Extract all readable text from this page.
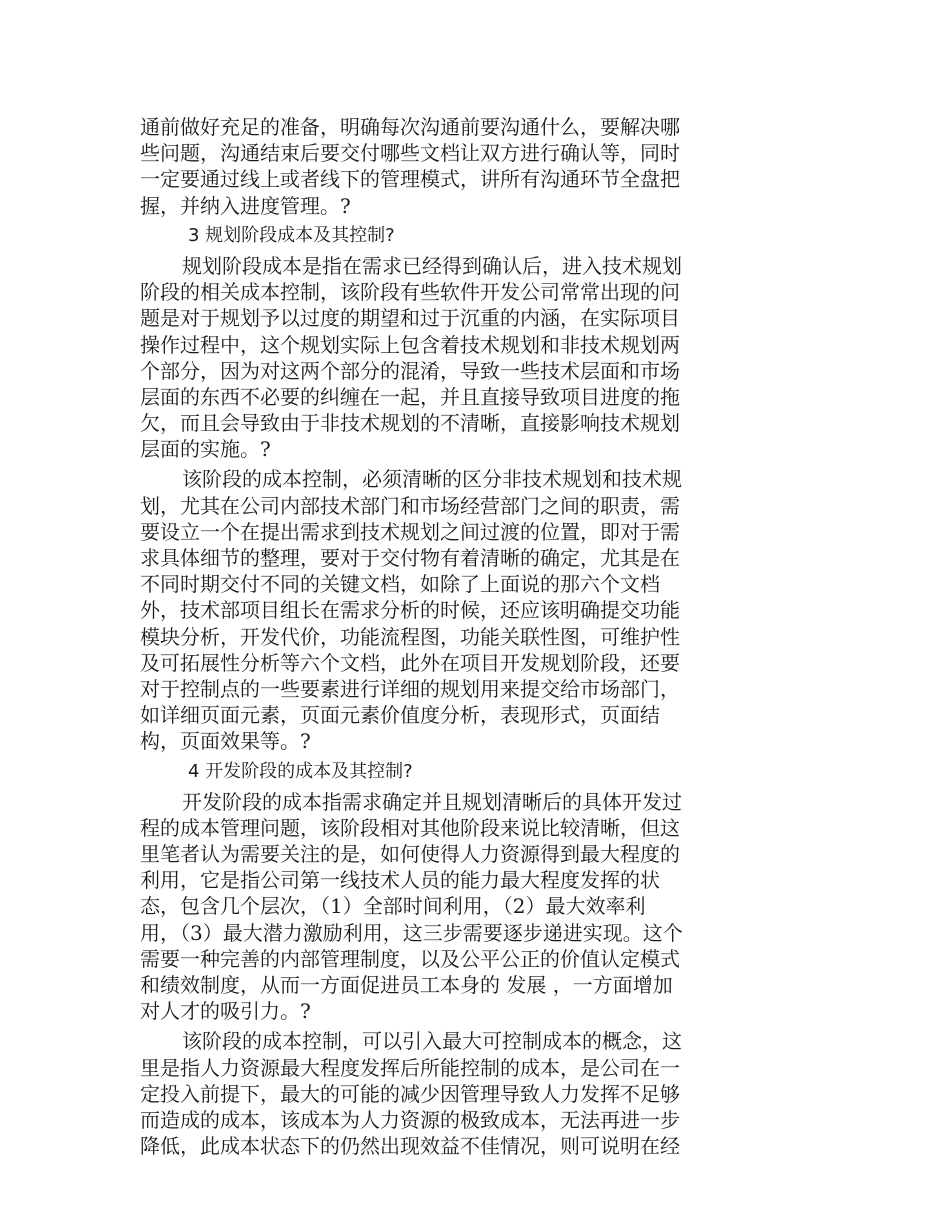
通前做好充足的准备，明确每次沟通前要沟通什么，要解决哪
些问题，沟通结束后要交付哪些文档让双方进行确认等，同时
一定要通过线上或者线下的管理模式，讲所有沟通环节全盘把
握，并纳入进度管理。?
3 规划阶段成本及其控制?
规划阶段成本是指在需求已经得到确认后，进入技术规划
阶段的相关成本控制，该阶段有些软件开发公司常常出现的问
题是对于规划予以过度的期望和过于沉重的内涵，在实际项目
操作过程中，这个规划实际上包含着技术规划和非技术规划两
个部分，因为对这两个部分的混淆，导致一些技术层面和市场
层面的东西不必要的纠缠在一起，并且直接导致项目进度的拖
欠，而且会导致由于非技术规划的不清晰，直接影响技术规划
层面的实施。?
该阶段的成本控制，必须清晰的区分非技术规划和技术规
划，尤其在公司内部技术部门和市场经营部门之间的职责，需
要设立一个在提出需求到技术规划之间过渡的位置，即对于需
求具体细节的整理，要对于交付物有着清晰的确定，尤其是在
不同时期交付不同的关键文档，如除了上面说的那六个文档
外，技术部项目组长在需求分析的时候，还应该明确提交功能
模块分析，开发代价，功能流程图，功能关联性图，可维护性
及可拓展性分析等六个文档，此外在项目开发规划阶段，还要
对于控制点的一些要素进行详细的规划用来提交给市场部门，
如详细页面元素，页面元素价值度分析，表现形式，页面结
构，页面效果等。?
4 开发阶段的成本及其控制?
开发阶段的成本指需求确定并且规划清晰后的具体开发过
程的成本管理问题，该阶段相对其他阶段来说比较清晰，但这
里笔者认为需要关注的是，如何使得人力资源得到最大程度的
利用，它是指公司第一线技术人员的能力最大程度发挥的状
态，包含几个层次，（1）全部时间利用，（2）最大效率利
用，（3）最大潜力激励利用，这三步需要逐步递进实现。这个
需要一种完善的内部管理制度，以及公平公正的价值认定模式
和绩效制度，从而一方面促进员工本身的 发展 ，一方面增加
对人才的吸引力。?
该阶段的成本控制，可以引入最大可控制成本的概念，这
里是指人力资源最大程度发挥后所能控制的成本，是公司在一
定投入前提下，最大的可能的减少因管理导致人力发挥不足够
而造成的成本，该成本为人力资源的极致成本，无法再进一步
降低，此成本状态下的仍然出现效益不佳情况，则可说明在经
